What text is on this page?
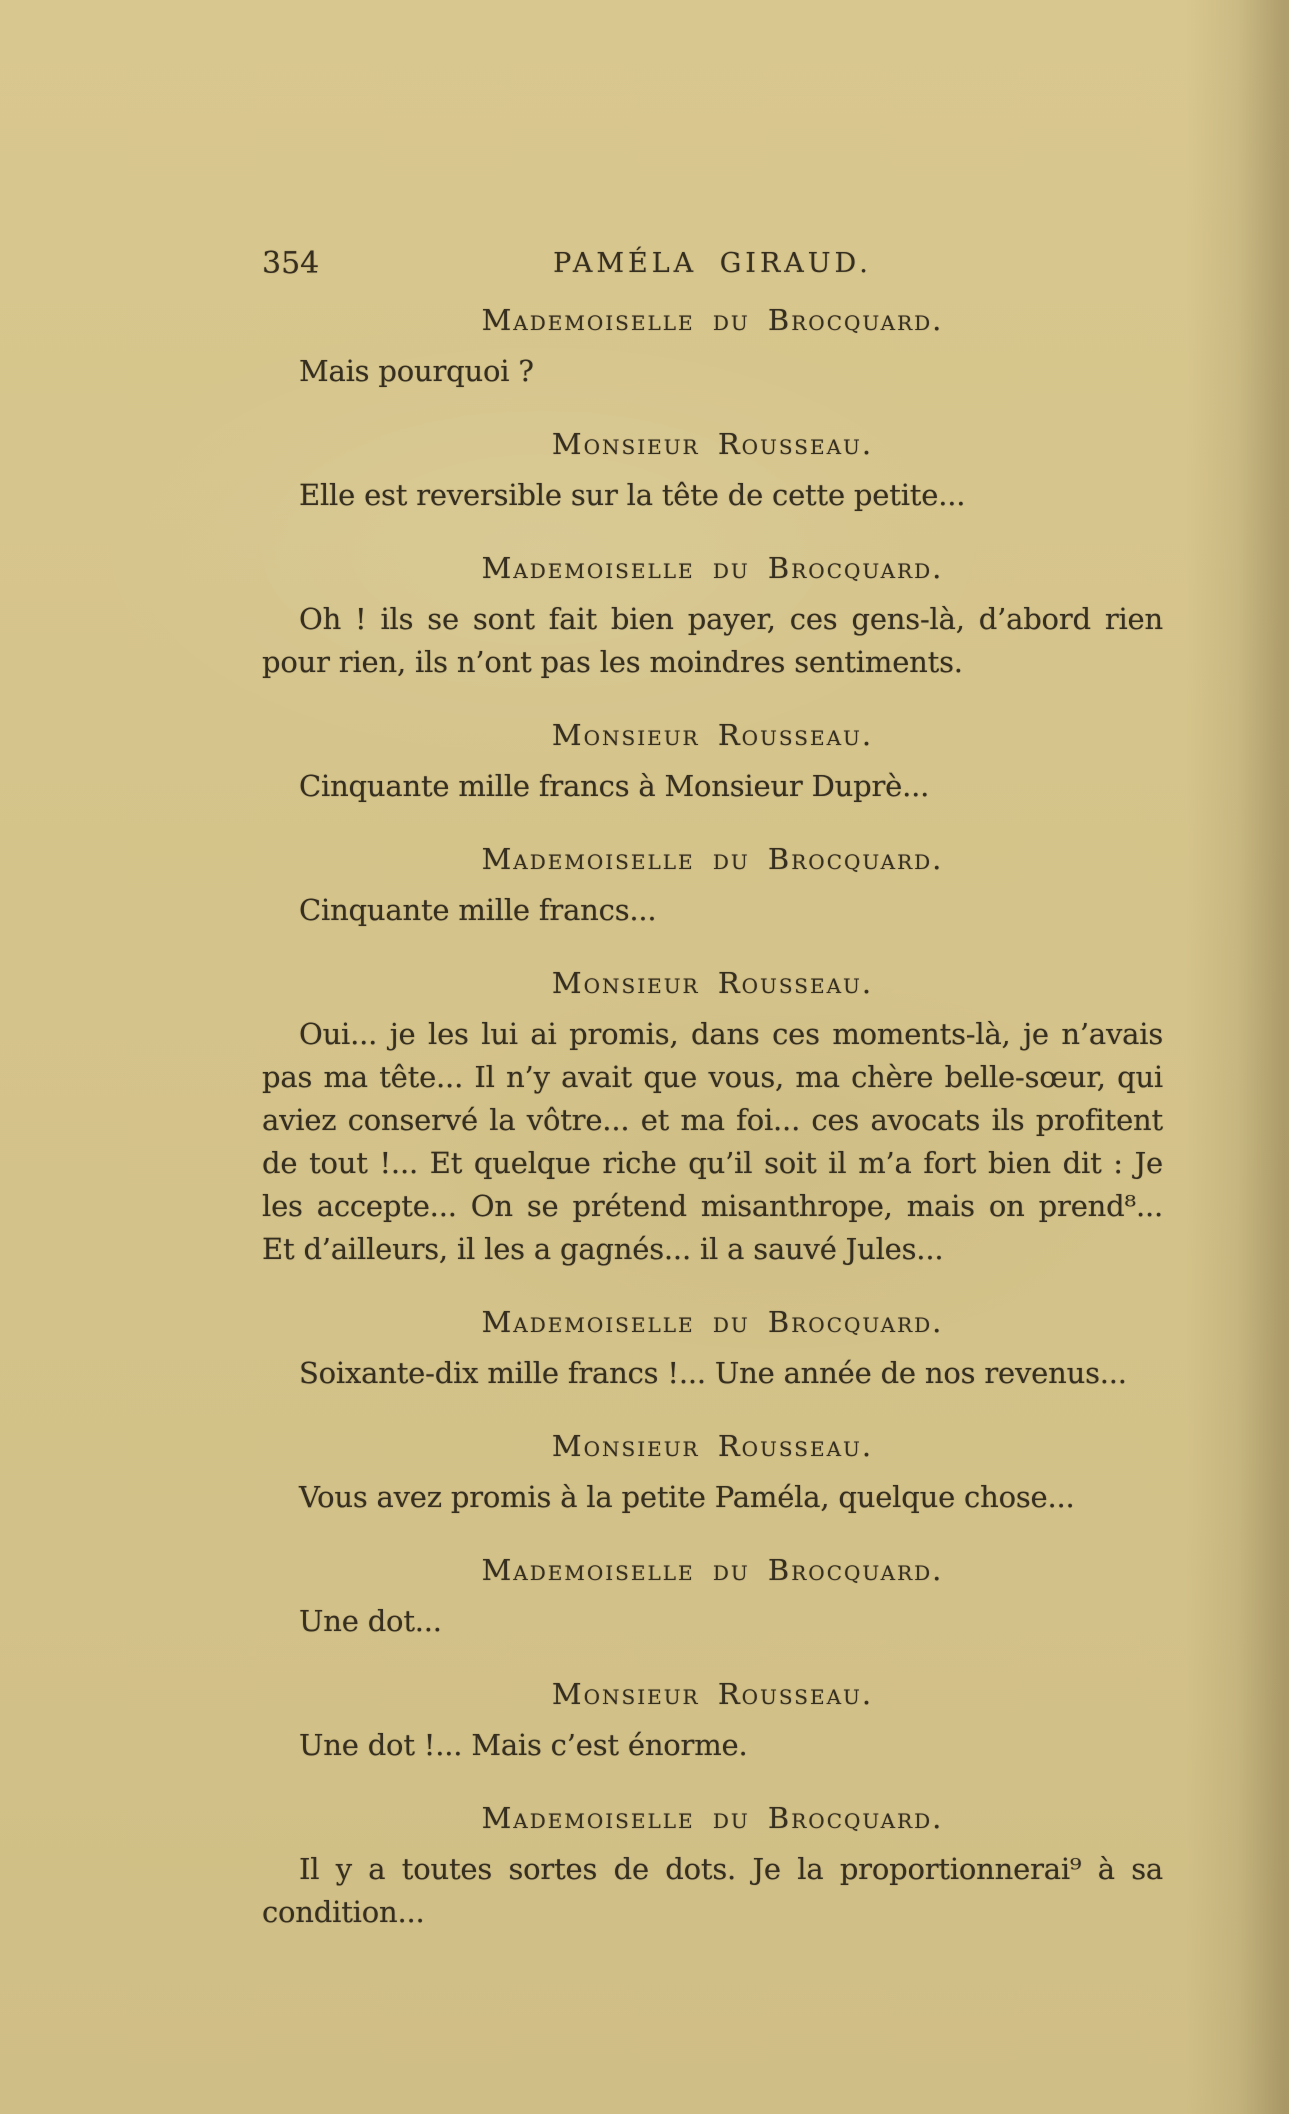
354	PAMÉLA GIRAUD.
Mademoiselle du Brocquard.

Mais pourquoi ?

Monsieur Rousseau.

Elle est reversible sur la tête de cette petite...

Mademoiselle du Brocquard.

Oh ! ils se sont fait bien payer, ces gens-là, d’abord rien pour rien, ils n’ont pas les moindres sentiments.

Monsieur Rousseau.

Cinquante mille francs à Monsieur Duprè...

Mademoiselle du Brocquard.

Cinquante mille francs...

Monsieur Rousseau.

Oui... je les lui ai promis, dans ces moments-là, je n’avais pas ma tête... Il n’y avait que vous, ma chère belle-sœur, qui aviez conservé la vôtre... et ma foi... ces avocats ils profitent de tout !... Et quelque riche qu’il soit il m’a fort bien dit : Je les accepte... On se prétend misanthrope, mais on prend⁸... Et d’ailleurs, il les a gagnés... il a sauvé Jules...

Mademoiselle du Brocquard.

Soixante-dix mille francs !... Une année de nos revenus...

Monsieur Rousseau.

Vous avez promis à la petite Paméla, quelque chose...

Mademoiselle du Brocquard.

Une dot...

Monsieur Rousseau.

Une dot !... Mais c’est énorme.

Mademoiselle du Brocquard.

Il y a toutes sortes de dots. Je la proportionnerai⁹ à sa condition...
